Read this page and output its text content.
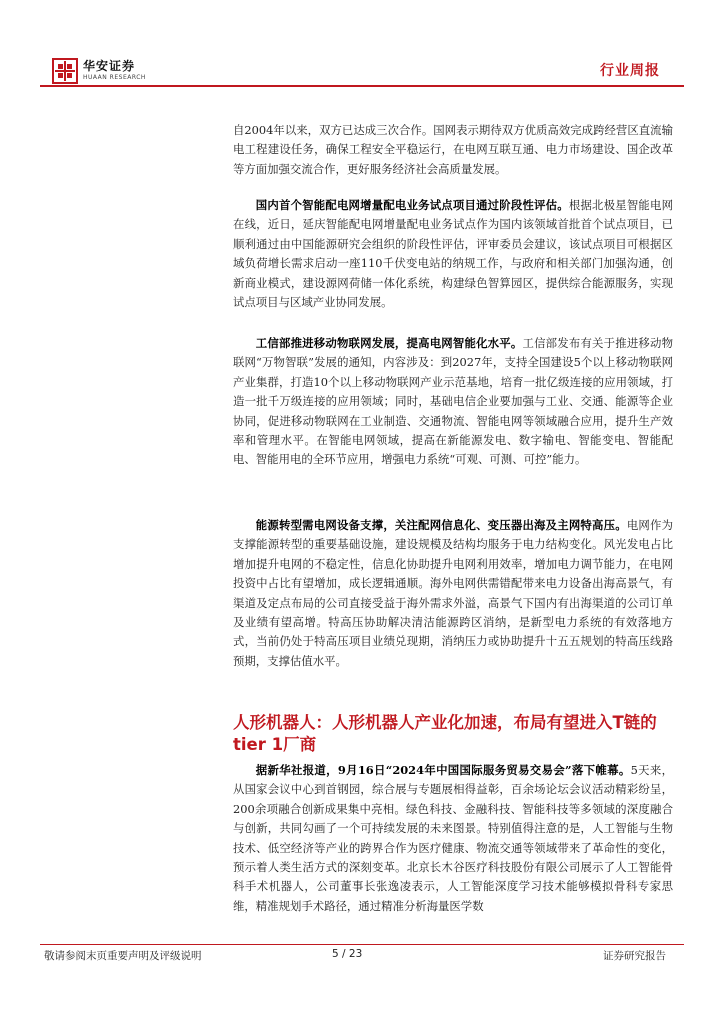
华安证券
HUAAN RESEARCH	行业周报
自2004年以来，双方已达成三次合作。国网表示期待双方优质高效完成跨经营区直流输电工程建设任务，确保工程安全平稳运行，在电网互联互通、电力市场建设、国企改革等方面加强交流合作，更好服务经济社会高质量发展。
国内首个智能配电网增量配电业务试点项目通过阶段性评估。根据北极星智能电网在线，近日，延庆智能配电网增量配电业务试点作为国内该领域首批首个试点项目，已顺利通过由中国能源研究会组织的阶段性评估，评审委员会建议，该试点项目可根据区域负荷增长需求启动一座110千伏变电站的纳规工作，与政府和相关部门加强沟通，创新商业模式，建设源网荷储一体化系统，构建绿色智算园区，提供综合能源服务，实现试点项目与区域产业协同发展。
工信部推进移动物联网发展，提高电网智能化水平。工信部发布有关于推进移动物联网“万物智联”发展的通知，内容涉及：到2027年，支持全国建设5个以上移动物联网产业集群，打造10个以上移动物联网产业示范基地，培育一批亿级连接的应用领域，打造一批千万级连接的应用领域；同时，基础电信企业要加强与工业、交通、能源等企业协同，促进移动物联网在工业制造、交通物流、智能电网等领域融合应用，提升生产效率和管理水平。在智能电网领域，提高在新能源发电、数字输电、智能变电、智能配电、智能用电的全环节应用，增强电力系统“可观、可测、可控”能力。
能源转型需电网设备支撑，关注配网信息化、变压器出海及主网特高压。电网作为支撑能源转型的重要基础设施，建设规模及结构均服务于电力结构变化。风光发电占比增加提升电网的不稳定性，信息化协助提升电网利用效率，增加电力调节能力，在电网投资中占比有望增加，成长逻辑通顺。海外电网供需错配带来电力设备出海高景气，有渠道及定点布局的公司直接受益于海外需求外溢，高景气下国内有出海渠道的公司订单及业绩有望高增。特高压协助解决清洁能源跨区消纳，是新型电力系统的有效落地方式，当前仍处于特高压项目业绩兑现期，消纳压力或协助提升十五五规划的特高压线路预期，支撑估值水平。
人形机器人：人形机器人产业化加速，布局有望进入T链的tier 1厂商
据新华社报道，9月16日“2024年中国国际服务贸易交易会”落下帷幕。5天来，从国家会议中心到首钢园，综合展与专题展相得益彰，百余场论坛会议活动精彩纷呈，200余项融合创新成果集中亮相。绿色科技、金融科技、智能科技等多领域的深度融合与创新，共同勾画了一个可持续发展的未来图景。特别值得注意的是，人工智能与生物技术、低空经济等产业的跨界合作为医疗健康、物流交通等领域带来了革命性的变化，预示着人类生活方式的深刻变革。北京长木谷医疗科技股份有限公司展示了人工智能骨科手术机器人，公司董事长张逸凌表示，人工智能深度学习技术能够模拟骨科专家思维，精准规划手术路径，通过精准分析海量医学数
敬请参阅末页重要声明及评级说明	5 / 23	证券研究报告
